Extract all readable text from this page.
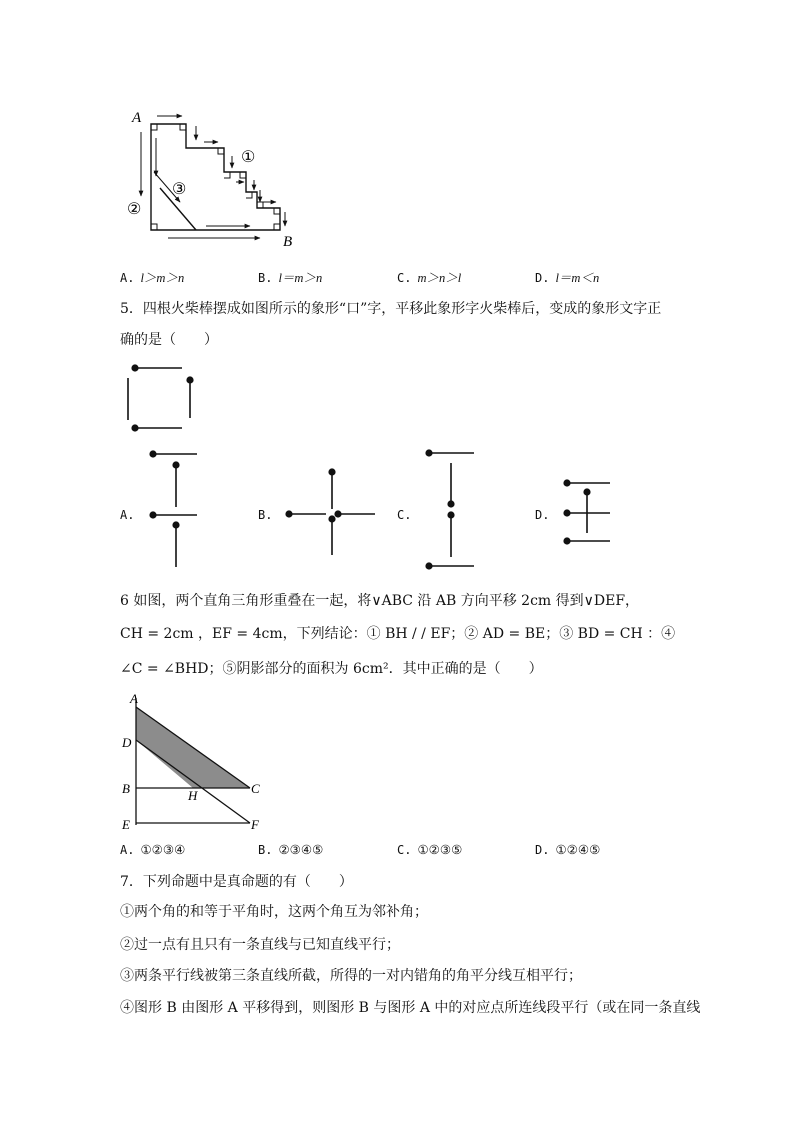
A
B
①
②
③
A. l＞m＞n	B. l＝m＞n	C. m＞n＞l	D. l＝m＜n
5．四根火柴棒摆成如图所示的象形“口”字，平移此象形字火柴棒后，变成的象形文字正
确的是（　　）
A.	B.	C.	D.
6 如图，两个直角三角形重叠在一起，将∨ABC 沿 AB 方向平移 2cm 得到∨DEF，
CH = 2cm ，EF = 4cm，下列结论：① BH / / EF；② AD = BE；③ BD = CH ：④
∠C = ∠BHD；⑤阴影部分的面积为 6cm²．其中正确的是（　　）
A
D
B
E
H	C
F
A. ①②③④	B. ②③④⑤	C. ①②③⑤	D. ①②④⑤
7．下列命题中是真命题的有（　　）
①两个角的和等于平角时，这两个角互为邻补角；
②过一点有且只有一条直线与已知直线平行；
③两条平行线被第三条直线所截，所得的一对内错角的角平分线互相平行；
④图形 B 由图形 A 平移得到，则图形 B 与图形 A 中的对应点所连线段平行（或在同一条直线
